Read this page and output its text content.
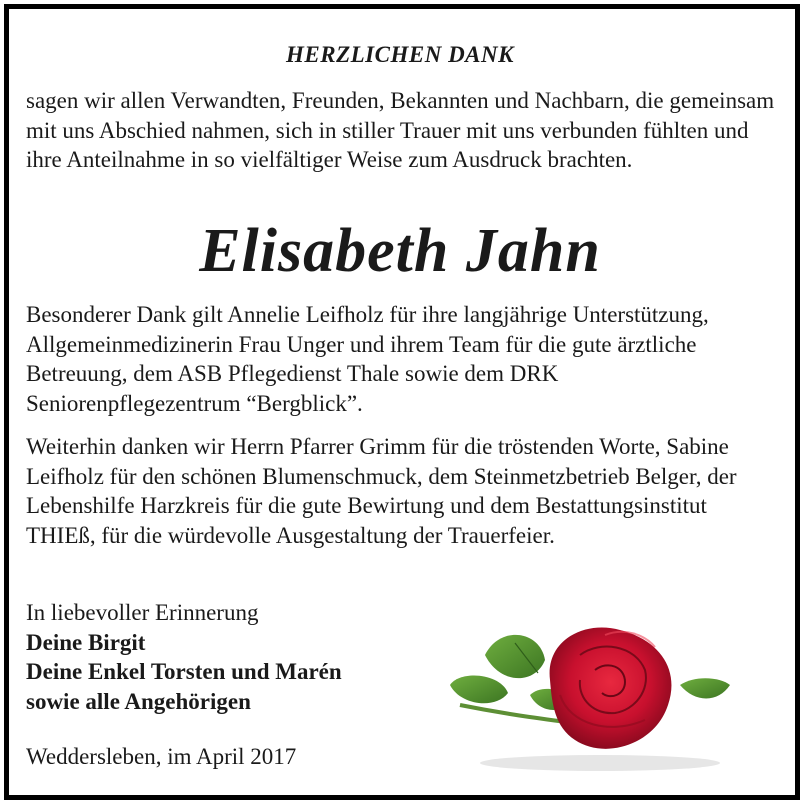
HERZLICHEN DANK

sagen wir allen Verwandten, Freunden, Bekannten und Nachbarn, die gemeinsam mit uns Abschied nahmen, sich in stiller Trauer mit uns verbunden fühlten und ihre Anteilnahme in so vielfältiger Weise zum Ausdruck brachten.

Elisabeth Jahn

Besonderer Dank gilt Annelie Leifholz für ihre langjährige Unterstützung, Allgemeinmedizinerin Frau Unger und ihrem Team für die gute ärztliche Betreuung, dem ASB Pflegedienst Thale sowie dem DRK Seniorenpflegezentrum “Bergblick”.

Weiterhin danken wir Herrn Pfarrer Grimm für die tröstenden Worte, Sabine Leifholz für den schönen Blumenschmuck, dem Steinmetzbetrieb Belger, der Lebenshilfe Harzkreis für die gute Bewirtung und dem Bestattungsinstitut THIEß, für die würdevolle Ausgestaltung der Trauerfeier.

In liebevoller Erinnerung
Deine Birgit
Deine Enkel Torsten und Marén
sowie alle Angehörigen
Weddersleben, im April 2017
